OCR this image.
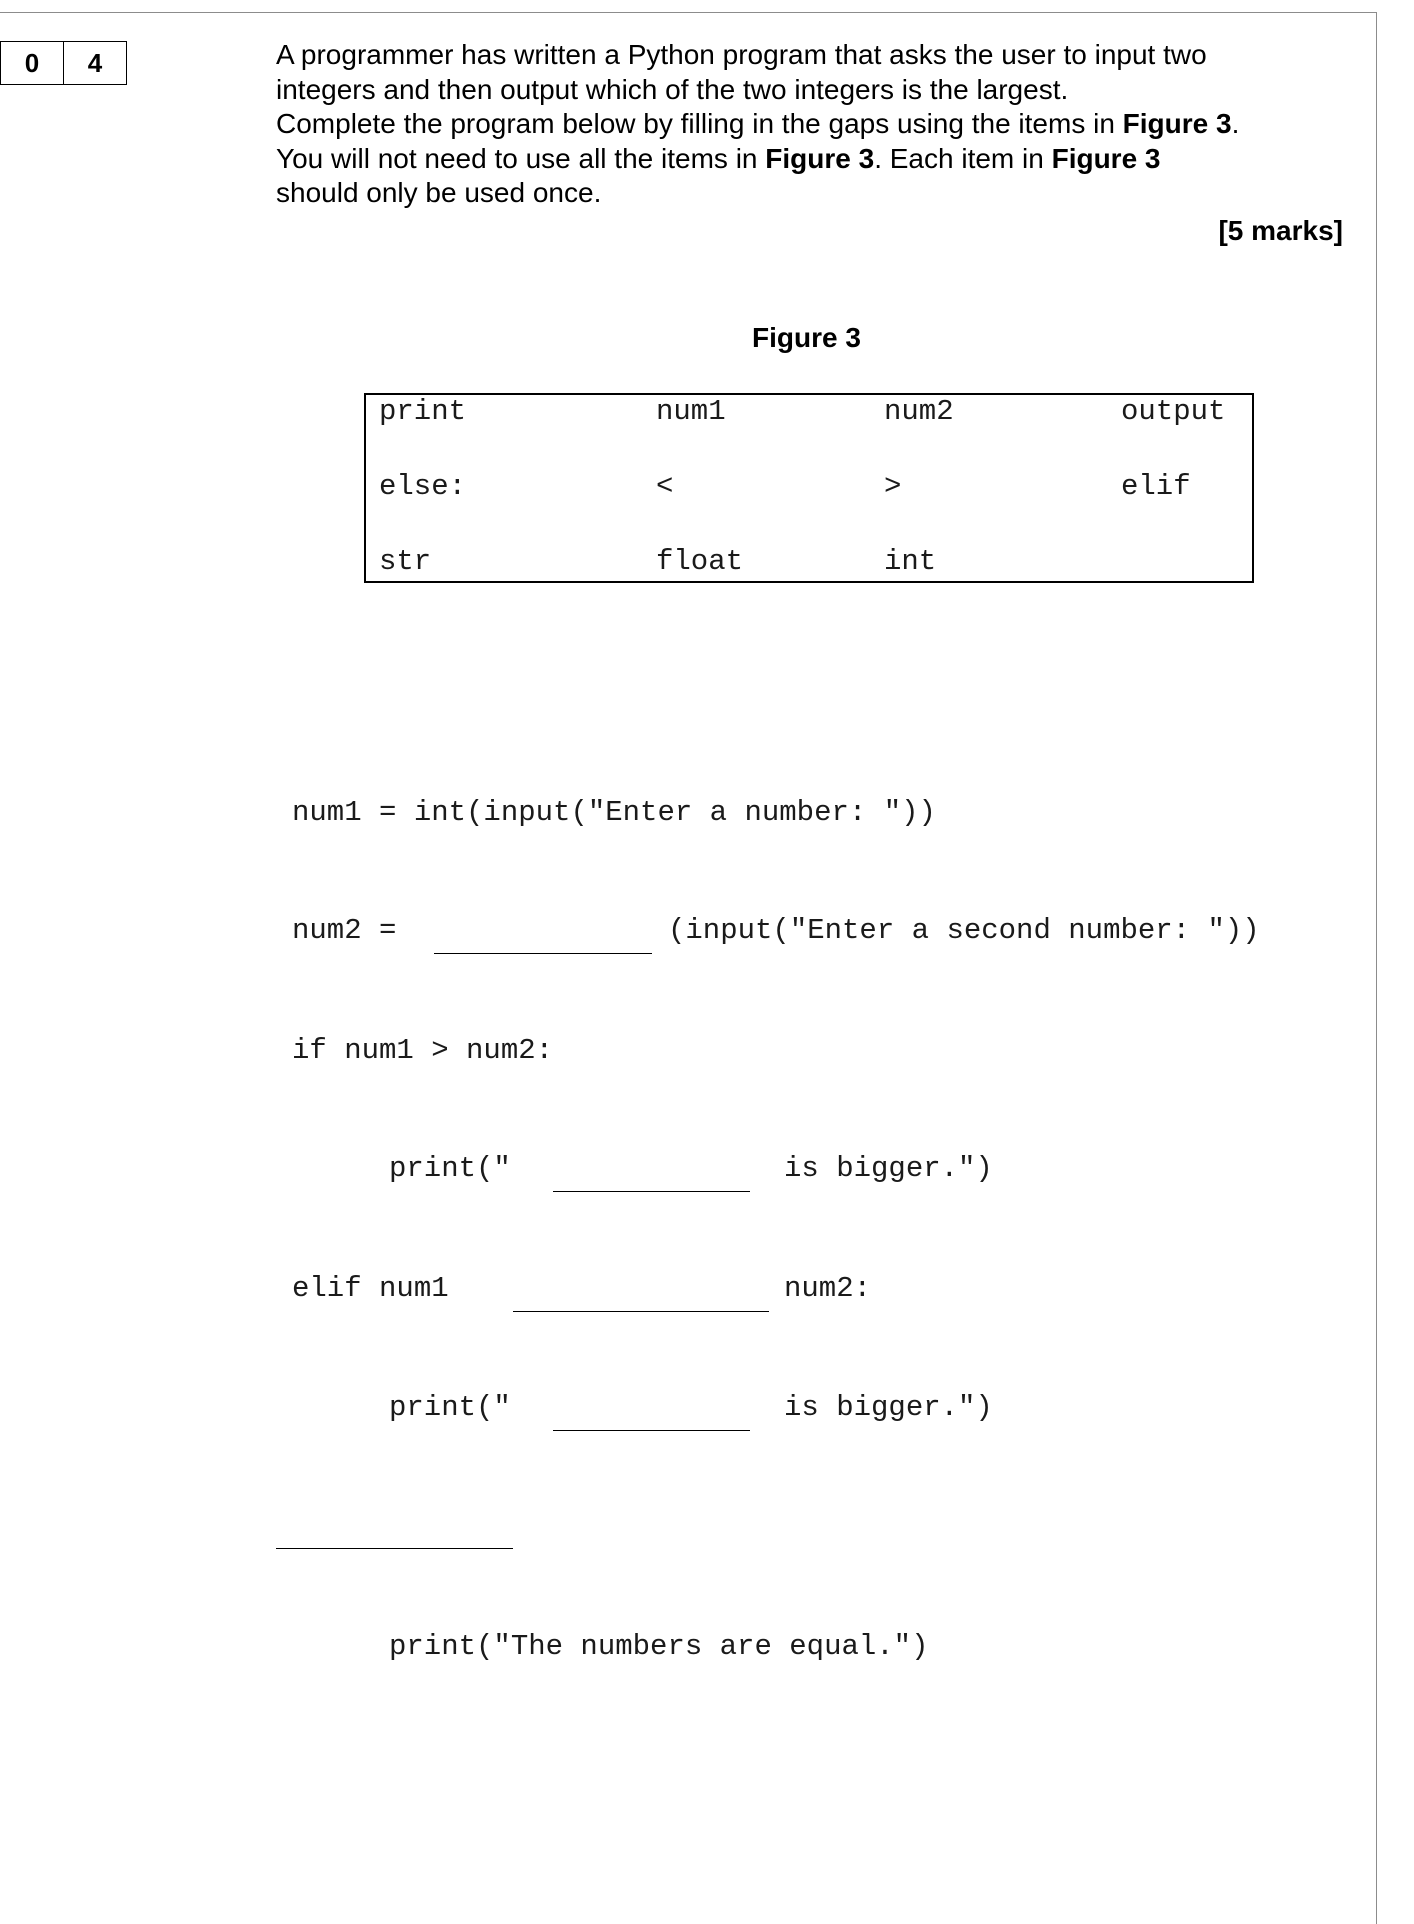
0	4	A programmer has written a Python program that asks the user to input two

integers and then output which of the two integers is the largest.

Complete the program below by filling in the gaps using the items in Figure 3.

You will not need to use all the items in Figure 3. Each item in Figure 3

should only be used once.

[5 marks]
Figure 3
print	num1	num2	output
else:	<	>	elif
str	float	int
num1 = int(input("Enter a number: "))
num2 =	(input("Enter a second number: "))
if num1 > num2:
print("	is bigger.")
elif num1	num2:
print("	is bigger.")
print("The numbers are equal.")
